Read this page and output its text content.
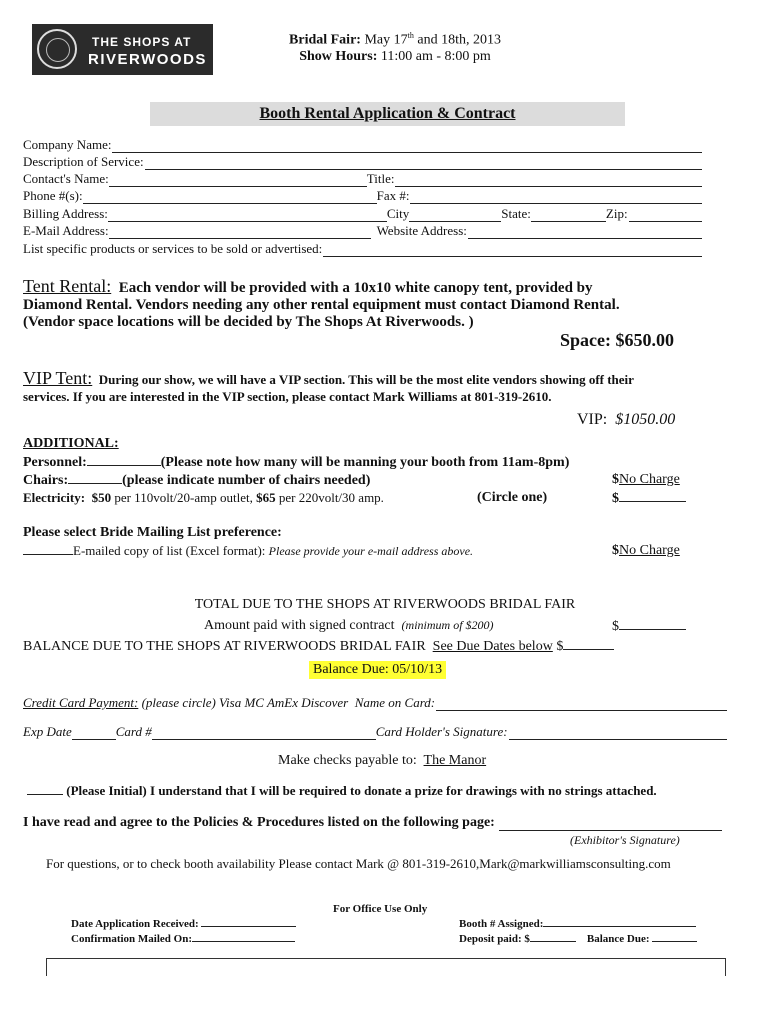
THE SHOPS AT
RIVERWOODS
Bridal Fair: May 17th and 18th, 2013
Show Hours: 11:00 am - 8:00 pm
Booth Rental Application & Contract
Company Name:
Description of Service:
Contact's Name:	Title:
Phone #(s):	Fax #:
Billing Address:	City	State:	Zip:
E-Mail Address:	Website Address:
List specific products or services to be sold or advertised:
Tent Rental: Each vendor will be provided with a 10x10 white canopy tent, provided by
Diamond Rental. Vendors needing any other rental equipment must contact Diamond Rental.
(Vendor space locations will be decided by The Shops At Riverwoods. )
Space: $650.00
VIP Tent: During our show, we will have a VIP section. This will be the most elite vendors showing off their
services. If you are interested in the VIP section, please contact Mark Williams at 801-319-2610.
VIP: $1050.00
ADDITIONAL:
Personnel:	(Please note how many will be manning your booth from 11am-8pm)
Chairs:	(please indicate number of chairs needed)	$No Charge
Electricity: $50 per 110volt/20-amp outlet, $65 per 220volt/30 amp.	(Circle one)	$
Please select Bride Mailing List preference:
E-mailed copy of list (Excel format): Please provide your e-mail address above.	$No Charge
TOTAL DUE TO THE SHOPS AT RIVERWOODS BRIDAL FAIR
Amount paid with signed contract (minimum of $200)	$
BALANCE DUE TO THE SHOPS AT RIVERWOODS BRIDAL FAIR See Due Dates below $
Balance Due: 05/10/13
Credit Card Payment:
(please circle) Visa MC AmEx Discover
Name on Card:
Exp Date	Card #	Card Holder's Signature:
Make checks payable to: The Manor
(Please Initial) I understand that I will be required to donate a prize for drawings with no strings attached.
I have read and agree to the Policies & Procedures listed on the following page:

(Exhibitor's Signature)
For questions, or to check booth availability Please contact Mark @ 801-319-2610,Mark@markwilliamsconsulting.com
For Office Use Only
Date Application Received:
Confirmation Mailed On:
Booth # Assigned:
Deposit paid: $	Balance Due:
